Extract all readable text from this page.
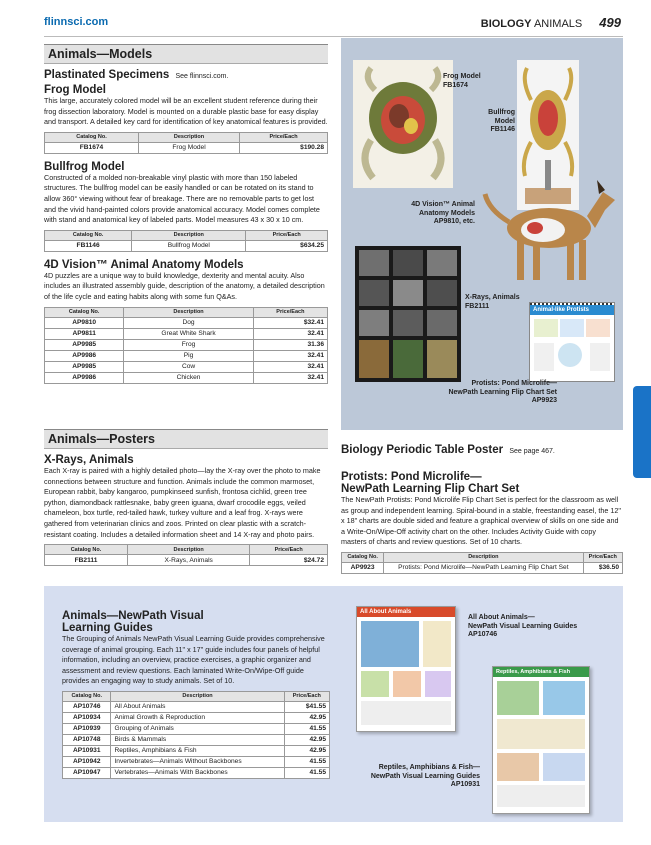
flinnsci.com	BIOLOGY ANIMALS 499
Animals—Models
Plastinated Specimens See flinnsci.com.
Frog Model

This large, accurately colored model will be an excellent student reference during their frog dissection laboratory. Model is mounted on a durable plastic base for easy display and transport. A detailed key card for identification of key anatomical features is provided.

Catalog No.	Description	Price/Each
FB1674	Frog Model	$190.28
Bullfrog Model

Constructed of a molded non-breakable vinyl plastic with more than 150 labeled structures. The bullfrog model can be easily handled or can be rotated on its stand to allow 360° viewing without fear of breakage. There are no removable parts to get lost and the vivid hand-painted colors provide anatomical accuracy. Model comes complete with stand and anatomical key of labeled parts. Model measures 43 x 30 x 10 cm.

Catalog No.	Description	Price/Each
FB1146	Bullfrog Model	$634.25
4D Vision™ Animal Anatomy Models

4D puzzles are a unique way to build knowledge, dexterity and mental acuity. Also includes an illustrated assembly guide, description of the anatomy, a detailed description of the life cycle and eating habits along with some fun Q&As.

Catalog No.	Description	Price/Each
AP9810	Dog	$32.41
AP9811	Great White Shark	32.41
AP9985	Frog	31.36
AP9986	Pig	32.41
AP9985	Cow	32.41
AP9986	Chicken	32.41
Animals—Posters
X-Rays, Animals

Each X-ray is paired with a highly detailed photo—lay the X-ray over the photo to make connections between structure and function. Animals include the common marmoset, European rabbit, baby kangaroo, pumpkinseed sunfish, frontosa cichlid, green tree python, diamondback rattlesnake, baby green iguana, dwarf crocodile eggs, veiled chameleon, box turtle, red-tailed hawk, turkey vulture and a leaf frog. X-rays were gathered from veterinarian clinics and zoos. Printed on clear plastic with a scratch-resistant coating. Includes a detailed information sheet and 14 X-ray and photo pairs.

Catalog No.	Description	Price/Each
FB2111	X-Rays, Animals	$24.72
Frog Model
FB1674
Bullfrog
Model
FB1146
4D Vision™ Animal
Anatomy Models
AP9810, etc.
X-Rays, Animals
FB2111
Animal-like Protists
Protists: Pond Microlife—
NewPath Learning Flip Chart Set
AP9923
Biology Periodic Table Poster See page 467.
Protists: Pond Microlife—
NewPath Learning Flip Chart Set

The NewPath Protists: Pond Microlife Flip Chart Set is perfect for the classroom as well as group and independent learning. Spiral-bound in a stable, freestanding easel, the 12" x 18" charts are double sided and feature a graphical overview of skills on one side and a Write-On/Wipe-Off activity chart on the other. Includes Activity Guide with copy masters of charts and review questions. Set of 10 charts.

Catalog No.	Description	Price/Each
AP9923	Protists: Pond Microlife—NewPath Learning Flip Chart Set	$36.50
Animals—NewPath Visual
Learning Guides

The Grouping of Animals NewPath Visual Learning Guide provides comprehensive coverage of animal grouping. Each 11" x 17" guide includes four panels of helpful information, including an overview, practice exercises, a graphic organizer and assessment and review questions. Each laminated Write-On/Wipe-Off guide provides an engaging way to study animals. Set of 10.

Catalog No.	Description	Price/Each
AP10746	All About Animals	$41.55
AP10934	Animal Growth & Reproduction	42.95
AP10939	Grouping of Animals	41.55
AP10748	Birds & Mammals	42.95
AP10931	Reptiles, Amphibians & Fish	42.95
AP10942	Invertebrates—Animals Without Backbones	41.55
AP10947	Vertebrates—Animals With Backbones	41.55
All About Animals
All About Animals—
NewPath Visual Learning Guides
AP10746
Reptiles, Amphibians & Fish
Reptiles, Amphibians & Fish—
NewPath Visual Learning Guides
AP10931
